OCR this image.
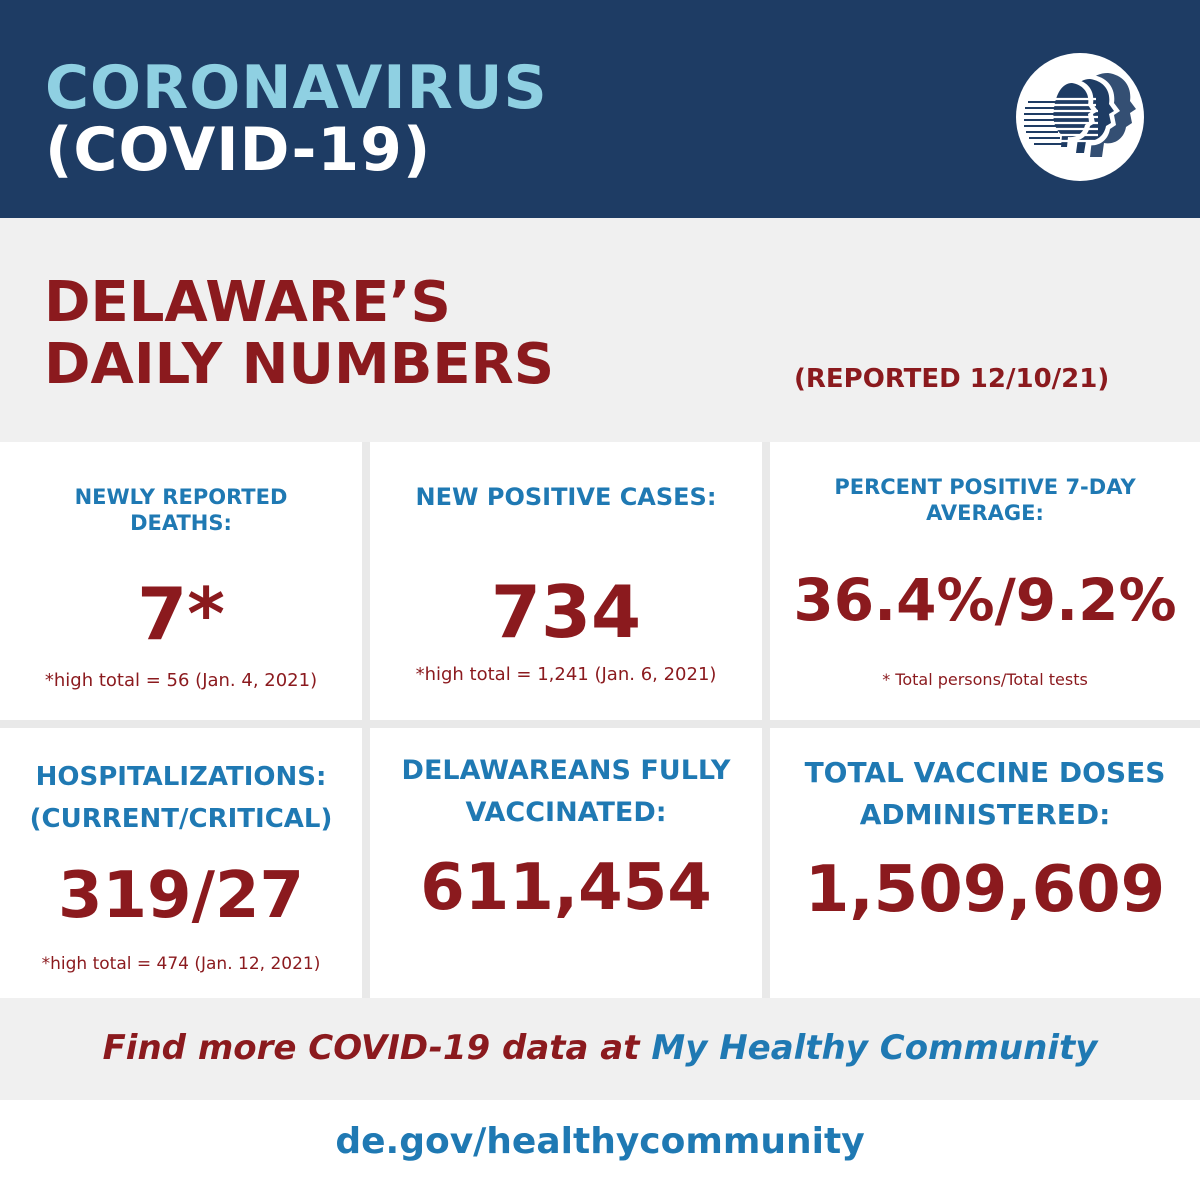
CORONAVIRUS
(COVID-19)
DELAWARE’S
DAILY NUMBERS	(REPORTED 12/10/21)
NEWLY REPORTED
DEATHS:
7*
*high total = 56 (Jan. 4, 2021)
NEW POSITIVE CASES:
734
*high total = 1,241 (Jan. 6, 2021)
PERCENT POSITIVE 7-DAY
AVERAGE:
36.4%/9.2%
* Total persons/Total tests
HOSPITALIZATIONS:
(CURRENT/CRITICAL)
319/27
*high total = 474 (Jan. 12, 2021)
DELAWAREANS FULLY
VACCINATED:
611,454
TOTAL VACCINE DOSES
ADMINISTERED:
1,509,609
Find more COVID-19 data at My Healthy Community
de.gov/healthycommunity
